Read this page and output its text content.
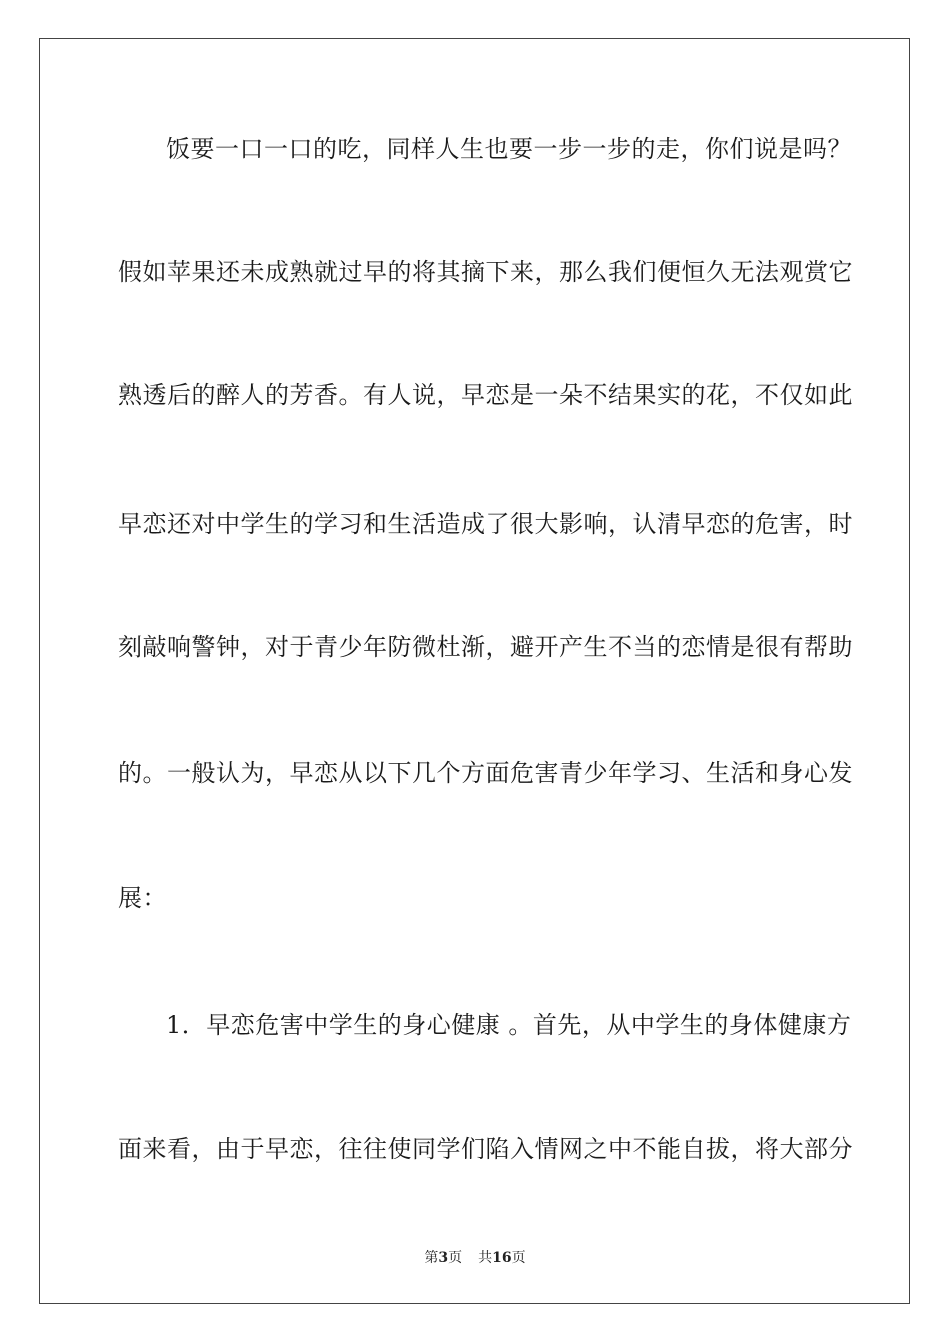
饭要一口一口的吃，同样人生也要一步一步的走，你们说是吗？
假如苹果还未成熟就过早的将其摘下来，那么我们便恒久无法观赏它
熟透后的醉人的芳香。有人说，早恋是一朵不结果实的花，不仅如此
早恋还对中学生的学习和生活造成了很大影响，认清早恋的危害，时
刻敲响警钟，对于青少年防微杜渐，避开产生不当的恋情是很有帮助
的。一般认为，早恋从以下几个方面危害青少年学习、生活和身心发
展：
1．早恋危害中学生的身心健康 。首先，从中学生的身体健康方
面来看，由于早恋，往往使同学们陷入情网之中不能自拔，将大部分
第3页 共16页
